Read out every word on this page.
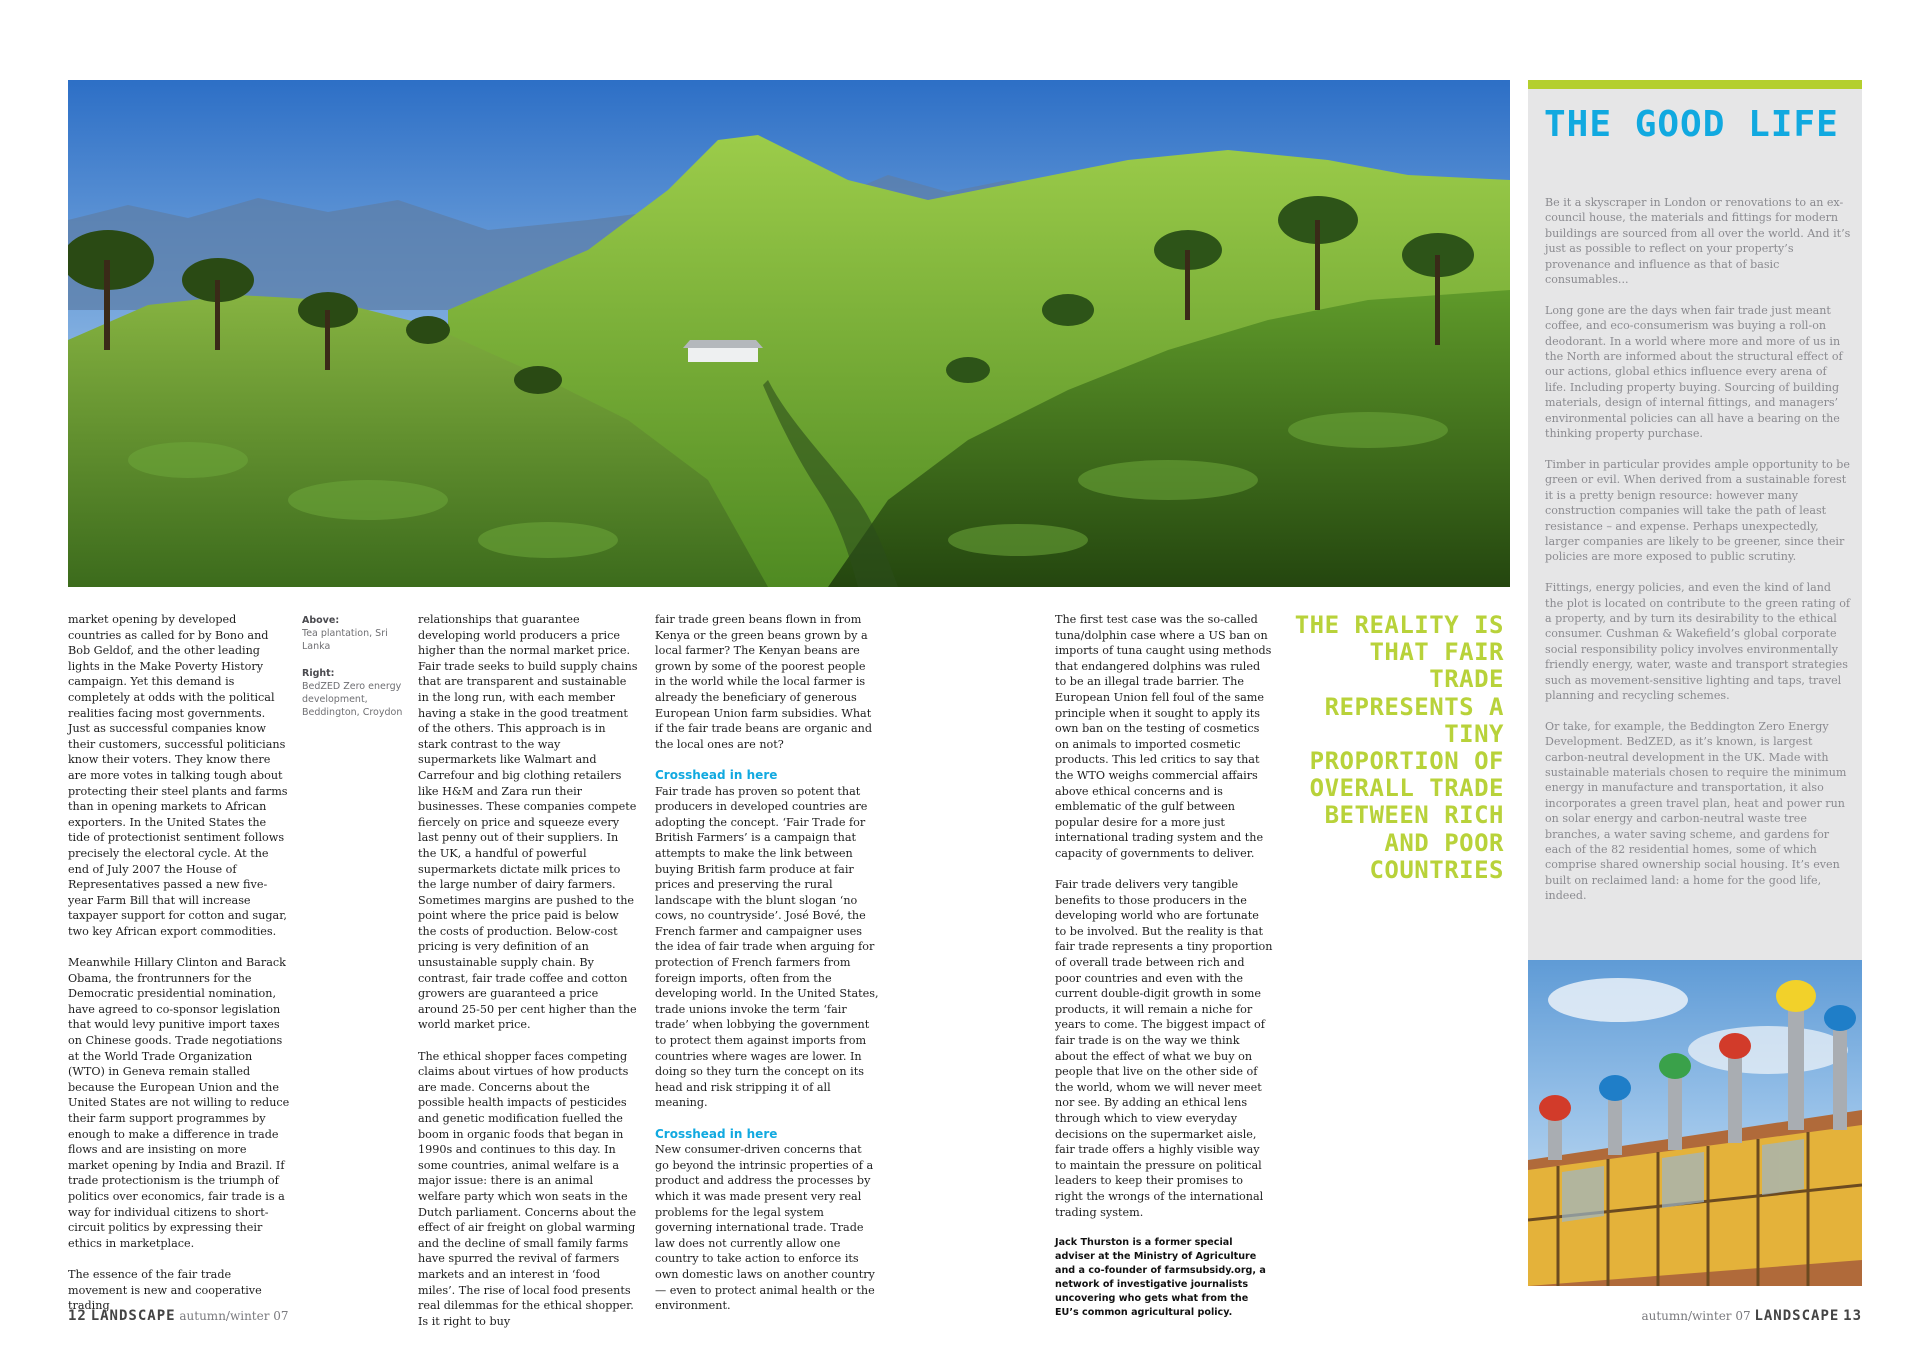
THE GOOD LIFE

Be it a skyscraper in London or renovations to an ex-council house, the materials and fittings for modern buildings are sourced from all over the world. And it’s just as possible to reflect on your property’s provenance and influence as that of basic consumables...

Long gone are the days when fair trade just meant coffee, and eco-consumerism was buying a roll-on deodorant. In a world where more and more of us in the North are informed about the structural effect of our actions, global ethics influence every arena of life. Including property buying. Sourcing of building materials, design of internal fittings, and managers’ environmental policies can all have a bearing on the thinking property purchase.

Timber in particular provides ample opportunity to be green or evil. When derived from a sustainable forest it is a pretty benign resource: however many construction companies will take the path of least resistance – and expense. Perhaps unexpectedly, larger companies are likely to be greener, since their policies are more exposed to public scrutiny.

Fittings, energy policies, and even the kind of land the plot is located on contribute to the green rating of a property, and by turn its desirability to the ethical consumer. Cushman & Wakefield’s global corporate social responsibility policy involves environmentally friendly energy, water, waste and transport strategies such as movement-sensitive lighting and taps, travel planning and recycling schemes.

Or take, for example, the Beddington Zero Energy Development. BedZED, as it’s known, is largest carbon-neutral development in the UK. Made with sustainable materials chosen to require the minimum energy in manufacture and transportation, it also incorporates a green travel plan, heat and power run on solar energy and carbon-neutral waste tree branches, a water saving scheme, and gardens for each of the 82 residential homes, some of which comprise shared ownership social housing. It’s even built on reclaimed land: a home for the good life, indeed.

market opening by developed countries as called for by Bono and Bob Geldof, and the other leading lights in the Make Poverty History campaign. Yet this demand is completely at odds with the political realities facing most governments. Just as successful companies know their customers, successful politicians know their voters. They know there are more votes in talking tough about protecting their steel plants and farms than in opening markets to African exporters. In the United States the tide of protectionist sentiment follows precisely the electoral cycle. At the end of July 2007 the House of Representatives passed a new five-year Farm Bill that will increase taxpayer support for cotton and sugar, two key African export commodities.

Meanwhile Hillary Clinton and Barack Obama, the frontrunners for the Democratic presidential nomination, have agreed to co-sponsor legislation that would levy punitive import taxes on Chinese goods. Trade negotiations at the World Trade Organization (WTO) in Geneva remain stalled because the European Union and the United States are not willing to reduce their farm support programmes by enough to make a difference in trade flows and are insisting on more market opening by India and Brazil. If trade protectionism is the triumph of politics over economics, fair trade is a way for individual citizens to short-circuit politics by expressing their ethics in marketplace.

The essence of the fair trade movement is new and cooperative trading

Above:
Tea plantation, Sri Lanka
Right:
BedZED Zero energy development, Beddington, Croydon

relationships that guarantee developing world producers a price higher than the normal market price. Fair trade seeks to build supply chains that are transparent and sustainable in the long run, with each member having a stake in the good treatment of the others. This approach is in stark contrast to the way supermarkets like Walmart and Carrefour and big clothing retailers like H&M and Zara run their businesses. These companies compete fiercely on price and squeeze every last penny out of their suppliers. In the UK, a handful of powerful supermarkets dictate milk prices to the large number of dairy farmers. Sometimes margins are pushed to the point where the price paid is below the costs of production. Below-cost pricing is very definition of an unsustainable supply chain. By contrast, fair trade coffee and cotton growers are guaranteed a price around 25-50 per cent higher than the world market price.

The ethical shopper faces competing claims about virtues of how products are made. Concerns about the possible health impacts of pesticides and genetic modification fuelled the boom in organic foods that began in 1990s and continues to this day. In some countries, animal welfare is a major issue: there is an animal welfare party which won seats in the Dutch parliament. Concerns about the effect of air freight on global warming and the decline of small family farms have spurred the revival of farmers markets and an interest in ‘food miles’. The rise of local food presents real dilemmas for the ethical shopper. Is it right to buy

fair trade green beans flown in from Kenya or the green beans grown by a local farmer? The Kenyan beans are grown by some of the poorest people in the world while the local farmer is already the beneficiary of generous European Union farm subsidies. What if the fair trade beans are organic and the local ones are not?

Crosshead in here

Fair trade has proven so potent that producers in developed countries are adopting the concept. ‘Fair Trade for British Farmers’ is a campaign that attempts to make the link between buying British farm produce at fair prices and preserving the rural landscape with the blunt slogan ‘no cows, no countryside’. José Bové, the French farmer and campaigner uses the idea of fair trade when arguing for protection of French farmers from foreign imports, often from the developing world. In the United States, trade unions invoke the term ‘fair trade’ when lobbying the government to protect them against imports from countries where wages are lower. In doing so they turn the concept on its head and risk stripping it of all meaning.

Crosshead in here

New consumer-driven concerns that go beyond the intrinsic properties of a product and address the processes by which it was made present very real problems for the legal system governing international trade. Trade law does not currently allow one country to take action to enforce its own domestic laws on another country — even to protect animal health or the environment.

The first test case was the so-called tuna/dolphin case where a US ban on imports of tuna caught using methods that endangered dolphins was ruled to be an illegal trade barrier. The European Union fell foul of the same principle when it sought to apply its own ban on the testing of cosmetics on animals to imported cosmetic products. This led critics to say that the WTO weighs commercial affairs above ethical concerns and is emblematic of the gulf between popular desire for a more just international trading system and the capacity of governments to deliver.

Fair trade delivers very tangible benefits to those producers in the developing world who are fortunate to be involved. But the reality is that fair trade represents a tiny proportion of overall trade between rich and poor countries and even with the current double-digit growth in some products, it will remain a niche for years to come. The biggest impact of fair trade is on the way we think about the effect of what we buy on people that live on the other side of the world, whom we will never meet nor see. By adding an ethical lens through which to view everyday decisions on the supermarket aisle, fair trade offers a highly visible way to maintain the pressure on political leaders to keep their promises to right the wrongs of the international trading system.

Jack Thurston is a former special adviser at the Ministry of Agriculture and a co-founder of farmsubsidy.org, a network of investigative journalists uncovering who gets what from the EU’s common agricultural policy.

THE REALITY IS THAT FAIR TRADE REPRESENTS A TINY PROPORTION OF OVERALL TRADE BETWEEN RICH AND POOR COUNTRIES
12 LANDSCAPE autumn/winter 07	autumn/winter 07 LANDSCAPE 13
